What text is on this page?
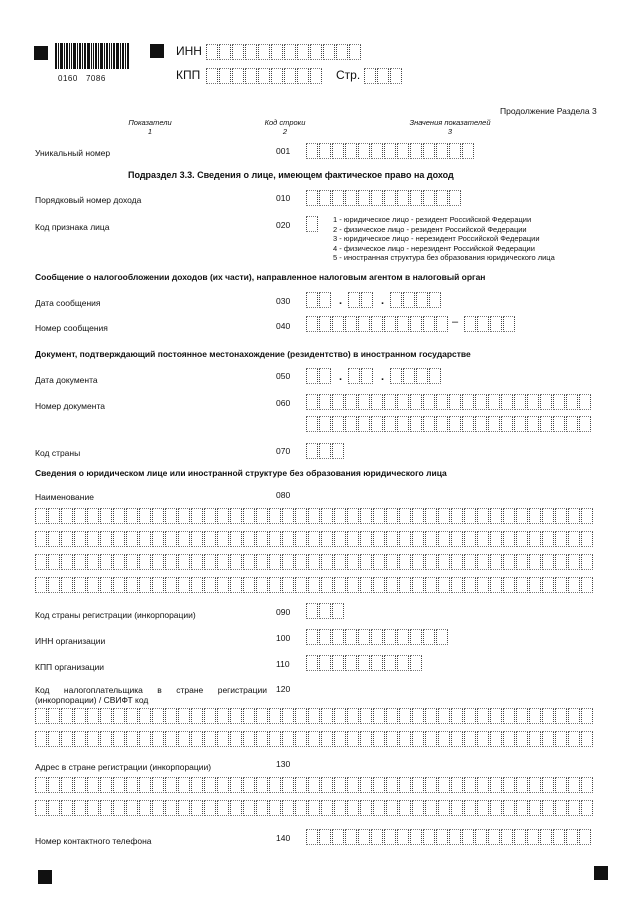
0160   7086
ИНН
КПП	Стр.
Продолжение Раздела 3
Показатели
1
Код строки
2
Значения показателей
3
Уникальный номер	001
Подраздел 3.3. Сведения о лице, имеющем фактическое право на доход
Порядковый номер дохода	010
Код признака лица	020
1 - юридическое лицо - резидент Российской Федерации
2 - физическое лицо - резидент Российской Федерации
3 - юридическое лицо - нерезидент Российской Федерации
4 - физическое лицо - нерезидент Российской Федерации
5 - иностранная структура без образования юридического лица
Сообщение о налогообложении доходов (их части), направленное налоговым агентом в налоговый орган
Дата сообщения	030	.	.
Номер сообщения	040	–
Документ, подтверждающий постоянное местонахождение (резидентство) в иностранном государстве
Дата документа	050	.	.
Номер документа	060
Код страны	070
Сведения о юридическом лице или иностранной структуре без образования юридического лица
Наименование	080
Код страны регистрации (инкорпорации)	090
ИНН организации	100
КПП организации	110
Код налогоплательщика в стране регистрации (инкорпорации) / СВИФТ код
120
Адрес в стране регистрации (инкорпорации)	130
Номер контактного телефона	140
